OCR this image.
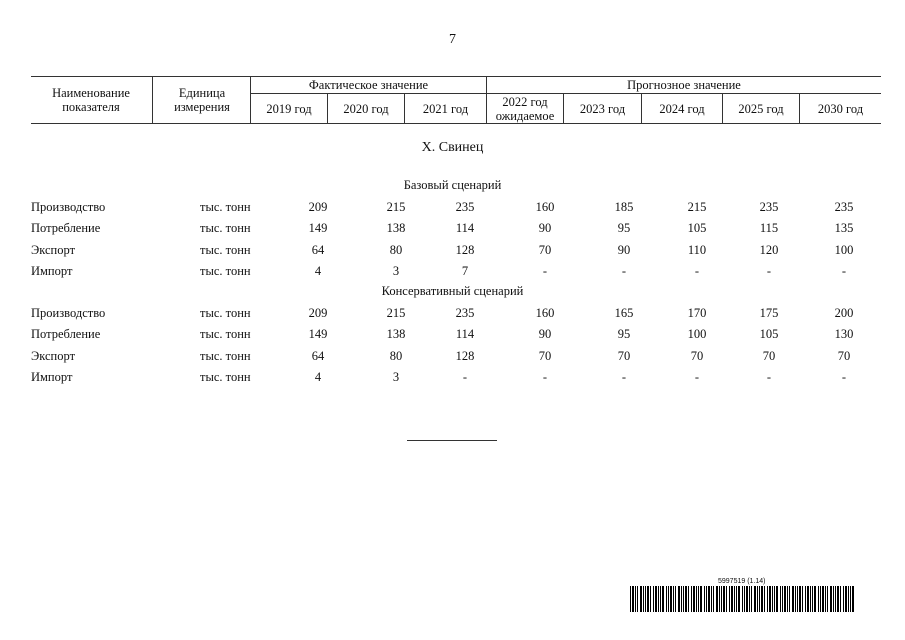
7
Наименование показателя
Единица измерения
Фактическое значение	Прогнозное значение
2019 год	2020 год	2021 год	2022 год ожидаемое	2023 год	2024 год	2025 год	2030 год
X. Свинец
Базовый сценарий
Производство	тыс. тонн	209	215	235	160	185	215	235	235
Потребление	тыс. тонн	149	138	114	90	95	105	115	135
Экспорт	тыс. тонн	64	80	128	70	90	110	120	100
Импорт	тыс. тонн	4	3	7	-	-	-	-	-
Консервативный сценарий
Производство	тыс. тонн	209	215	235	160	165	170	175	200
Потребление	тыс. тонн	149	138	114	90	95	100	105	130
Экспорт	тыс. тонн	64	80	128	70	70	70	70	70
Импорт	тыс. тонн	4	3	-	-	-	-	-	-
5997519 (1.14)
